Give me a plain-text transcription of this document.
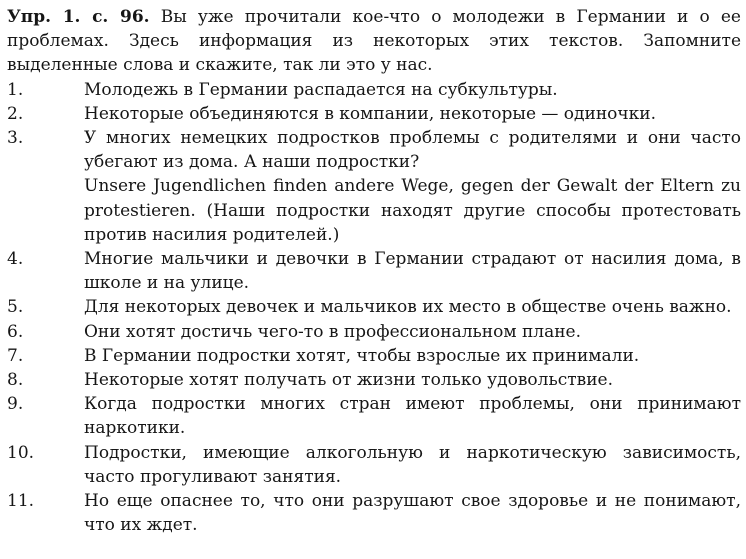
Упр. 1. с. 96. Вы уже прочитали кое-что о молодежи в Германии и о ее проблемах. Здесь информация из некоторых этих текстов. Запомните выделенные слова и скажите, так ли это у нас.

1.	Молодежь в Германии распадается на субкультуры.
2.	Некоторые объединяются в компании, некоторые — одиночки.
3.	У многих немецких подростков проблемы с родителями и они часто убегают из дома. А наши подростки?
Unsere Jugendlichen finden andere Wege, gegen der Gewalt der Eltern zu protestieren. (Наши подростки находят другие способы протестовать против насилия родителей.)
4.	Многие мальчики и девочки в Германии страдают от насилия дома, в школе и на улице.
5.	Для некоторых девочек и мальчиков их место в обществе очень важно.
6.	Они хотят достичь чего-то в профессиональном плане.
7.	В Германии подростки хотят, чтобы взрослые их принимали.
8.	Некоторые хотят получать от жизни только удовольствие.
9.	Когда подростки многих стран имеют проблемы, они принимают наркотики.
10.	Подростки, имеющие алкогольную и наркотическую зависимость, часто прогуливают занятия.
11.	Но еще опаснее то, что они разрушают свое здоровье и не понимают, что их ждет.
